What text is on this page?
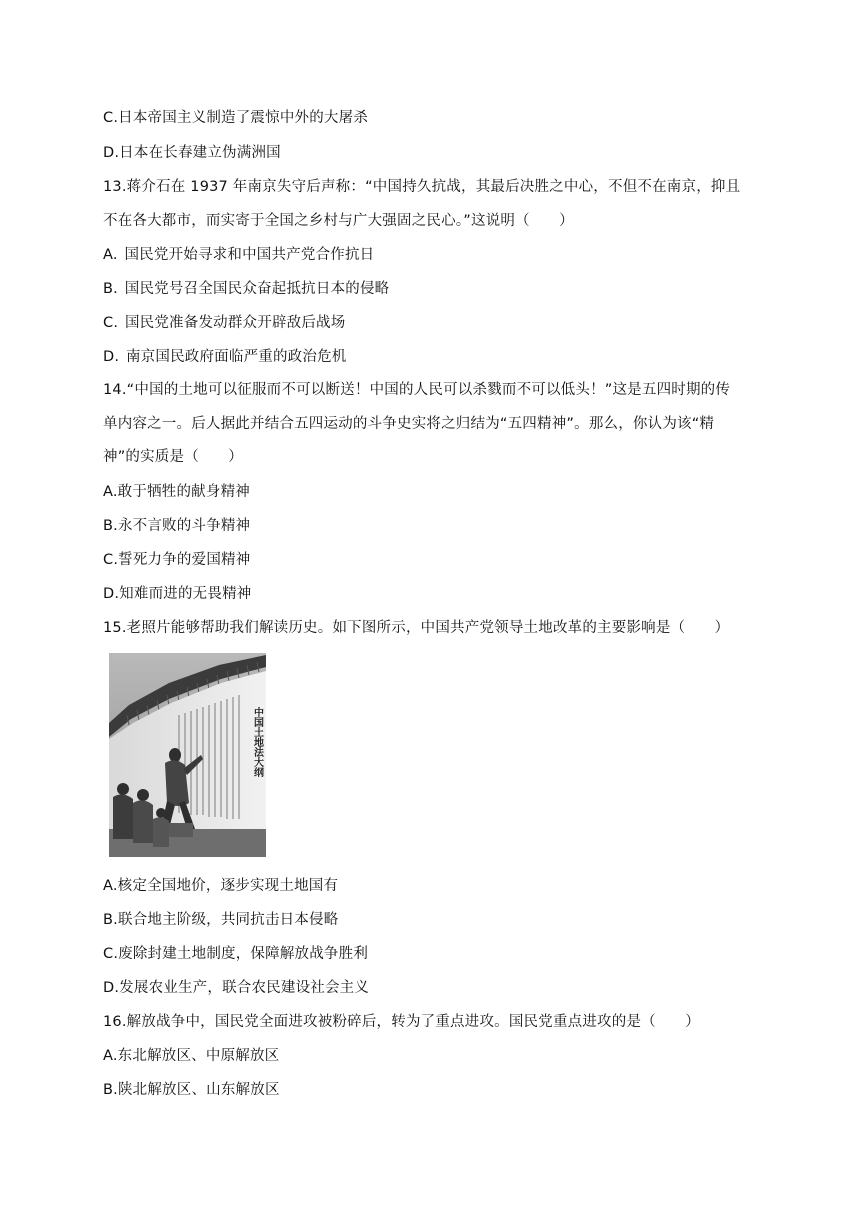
C.日本帝国主义制造了震惊中外的大屠杀
D.日本在长春建立伪满洲国
13.蒋介石在 1937 年南京失守后声称：“中国持久抗战，其最后决胜之中心，不但不在南京，抑且
不在各大都市，而实寄于全国之乡村与广大强固之民心。”这说明（　　）
A. 国民党开始寻求和中国共产党合作抗日
B. 国民党号召全国民众奋起抵抗日本的侵略
C. 国民党准备发动群众开辟敌后战场
D. 南京国民政府面临严重的政治危机
14.“中国的土地可以征服而不可以断送！中国的人民可以杀戮而不可以低头！”这是五四时期的传
单内容之一。后人据此并结合五四运动的斗争史实将之归结为“五四精神”。那么，你认为该“精
神”的实质是（　　）
A.敢于牺牲的献身精神
B.永不言败的斗争精神
C.誓死力争的爱国精神
D.知难而进的无畏精神
15.老照片能够帮助我们解读历史。如下图所示，中国共产党领导土地改革的主要影响是（　　）
中国土地法大纲
A.核定全国地价，逐步实现土地国有
B.联合地主阶级，共同抗击日本侵略
C.废除封建土地制度，保障解放战争胜利
D.发展农业生产，联合农民建设社会主义
16.解放战争中，国民党全面进攻被粉碎后，转为了重点进攻。国民党重点进攻的是（　　）
A.东北解放区、中原解放区
B.陕北解放区、山东解放区
